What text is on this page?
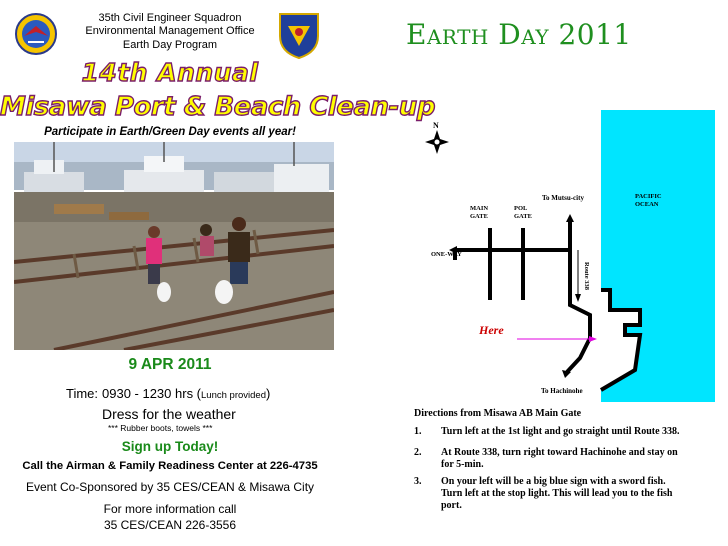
35th Civil Engineer Squadron
Environmental Management Office
Earth Day Program
14th Annual
Misawa Port & Beach Clean-up
Participate in Earth/Green Day events all year!
9 APR 2011
Time: 0930 - 1230 hrs (Lunch provided)
Dress for the weather
*** Rubber boots, towels ***
Sign up Today!
Call the Airman & Family Readiness Center at 226-4735
Event Co-Sponsored by 35 CES/CEAN & Misawa City
For more information call
35 CES/CEAN 226-3556
Earth Day 2011
N
To Mutsu-city
MAIN
GATE
POL
GATE
ONE-WAY
Route 338
PACIFIC
OCEAN
Here
To Hachinohe
Directions from Misawa AB Main Gate
1. Turn left at the 1st light and go straight until Route 338.
2. At Route 338, turn right toward Hachinohe and stay on for 5-min.
3. On your left will be a big blue sign with a sword fish. Turn left at the stop light. This will lead you to the fish port.
